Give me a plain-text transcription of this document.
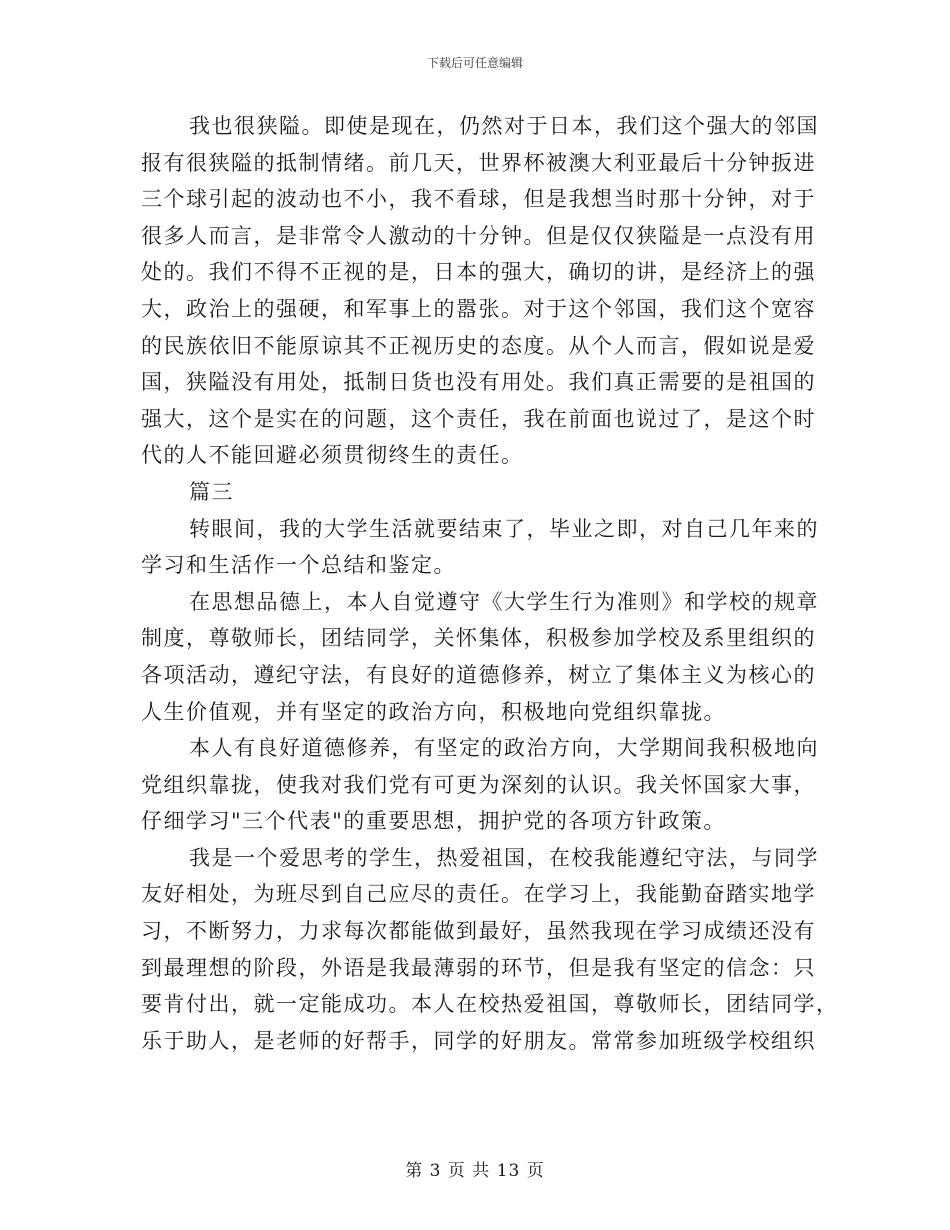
下载后可任意编辑
我也很狭隘。即使是现在，仍然对于日本，我们这个强大的邻国
报有很狭隘的抵制情绪。前几天，世界杯被澳大利亚最后十分钟扳进
三个球引起的波动也不小，我不看球，但是我想当时那十分钟，对于
很多人而言，是非常令人激动的十分钟。但是仅仅狭隘是一点没有用
处的。我们不得不正视的是，日本的强大，确切的讲，是经济上的强
大，政治上的强硬，和军事上的嚣张。对于这个邻国，我们这个宽容
的民族依旧不能原谅其不正视历史的态度。从个人而言，假如说是爱
国，狭隘没有用处，抵制日货也没有用处。我们真正需要的是祖国的
强大，这个是实在的问题，这个责任，我在前面也说过了，是这个时
代的人不能回避必须贯彻终生的责任。
篇三
转眼间，我的大学生活就要结束了，毕业之即，对自己几年来的
学习和生活作一个总结和鉴定。
在思想品德上，本人自觉遵守《大学生行为准则》和学校的规章
制度，尊敬师长，团结同学，关怀集体，积极参加学校及系里组织的
各项活动，遵纪守法，有良好的道德修养，树立了集体主义为核心的
人生价值观，并有坚定的政治方向，积极地向党组织靠拢。
本人有良好道德修养，有坚定的政治方向，大学期间我积极地向
党组织靠拢，使我对我们党有可更为深刻的认识。我关怀国家大事，
仔细学习"三个代表"的重要思想，拥护党的各项方针政策。
我是一个爱思考的学生，热爱祖国，在校我能遵纪守法，与同学
友好相处，为班尽到自己应尽的责任。在学习上，我能勤奋踏实地学
习，不断努力，力求每次都能做到最好，虽然我现在学习成绩还没有
到最理想的阶段，外语是我最薄弱的环节，但是我有坚定的信念：只
要肯付出，就一定能成功。本人在校热爱祖国，尊敬师长，团结同学，
乐于助人，是老师的好帮手，同学的好朋友。常常参加班级学校组织
第 3 页 共 13 页
